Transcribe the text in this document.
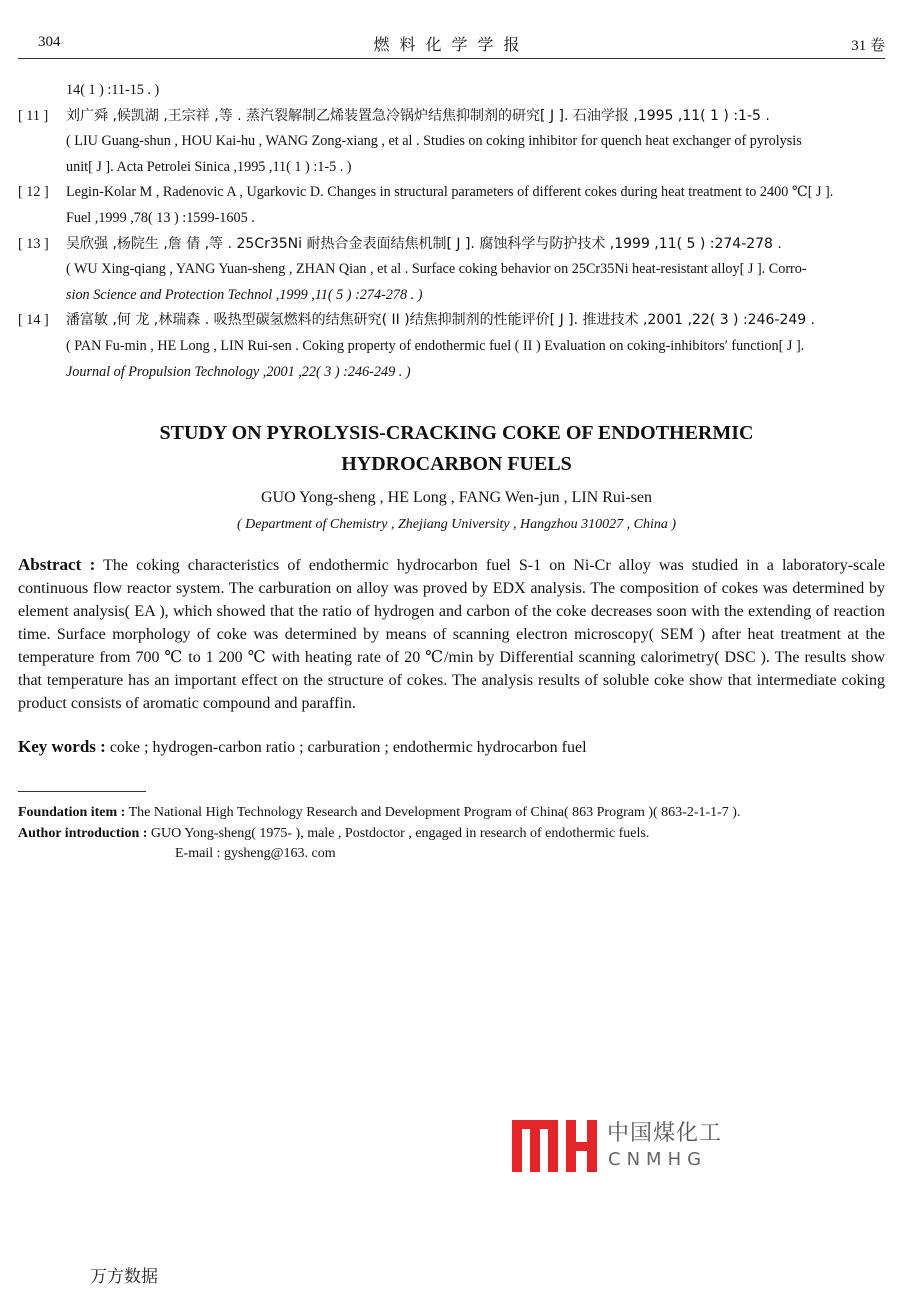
304	燃料化学学报	31 卷
14( 1 ) :11-15 . )
[ 11 ] 刘广舜 ,候凯湖 ,王宗祥 ,等 . 蒸汽裂解制乙烯装置急冷锅炉结焦抑制剂的研究[ J ]. 石油学报 ,1995 ,11( 1 ) :1-5 .
( LIU Guang-shun , HOU Kai-hu , WANG Zong-xiang , et al . Studies on coking inhibitor for quench heat exchanger of pyrolysis
unit[ J ]. Acta Petrolei Sinica ,1995 ,11( 1 ) :1-5 . )
[ 12 ] Legin-Kolar M , Radenovic A , Ugarkovic D. Changes in structural parameters of different cokes during heat treatment to 2400 ℃[ J ].
Fuel ,1999 ,78( 13 ) :1599-1605 .
[ 13 ] 吴欣强 ,杨院生 ,詹 倩 ,等 . 25Cr35Ni 耐热合金表面结焦机制[ J ]. 腐蚀科学与防护技术 ,1999 ,11( 5 ) :274-278 .
( WU Xing-qiang , YANG Yuan-sheng , ZHAN Qian , et al . Surface coking behavior on 25Cr35Ni heat-resistant alloy[ J ]. Corro-
sion Science and Protection Technol ,1999 ,11( 5 ) :274-278 . )
[ 14 ] 潘富敏 ,何 龙 ,林瑞森 . 吸热型碳氢燃料的结焦研究( II )结焦抑制剂的性能评价[ J ]. 推进技术 ,2001 ,22( 3 ) :246-249 .
( PAN Fu-min , HE Long , LIN Rui-sen . Coking property of endothermic fuel ( II ) Evaluation on coking-inhibitors′ function[ J ].
Journal of Propulsion Technology ,2001 ,22( 3 ) :246-249 . )
STUDY ON PYROLYSIS-CRACKING COKE OF ENDOTHERMIC
HYDROCARBON FUELS
GUO Yong-sheng , HE Long , FANG Wen-jun , LIN Rui-sen
( Department of Chemistry , Zhejiang University , Hangzhou 310027 , China )
Abstract : The coking characteristics of endothermic hydrocarbon fuel S-1 on Ni-Cr alloy was studied in a laboratory-scale continuous flow reactor system. The carburation on alloy was proved by EDX analysis. The composition of cokes was determined by element analysis( EA ), which showed that the ratio of hydrogen and carbon of the coke decreases soon with the extending of reaction time. Surface morphology of coke was determined by means of scanning electron microscopy( SEM ) after heat treatment at the temperature from 700 ℃ to 1 200 ℃ with heating rate of 20 ℃/min by Differential scanning calorimetry( DSC ). The results show that temperature has an important effect on the structure of cokes. The analysis results of soluble coke show that intermediate coking product consists of aromatic compound and paraffin.
Key words : coke ; hydrogen-carbon ratio ; carburation ; endothermic hydrocarbon fuel
Foundation item : The National High Technology Research and Development Program of China( 863 Program )( 863-2-1-1-7 ).
Author introduction : GUO Yong-sheng( 1975- ), male , Postdoctor , engaged in research of endothermic fuels.
E-mail : gysheng@163. com
中国煤化工
CNMHG
万方数据
